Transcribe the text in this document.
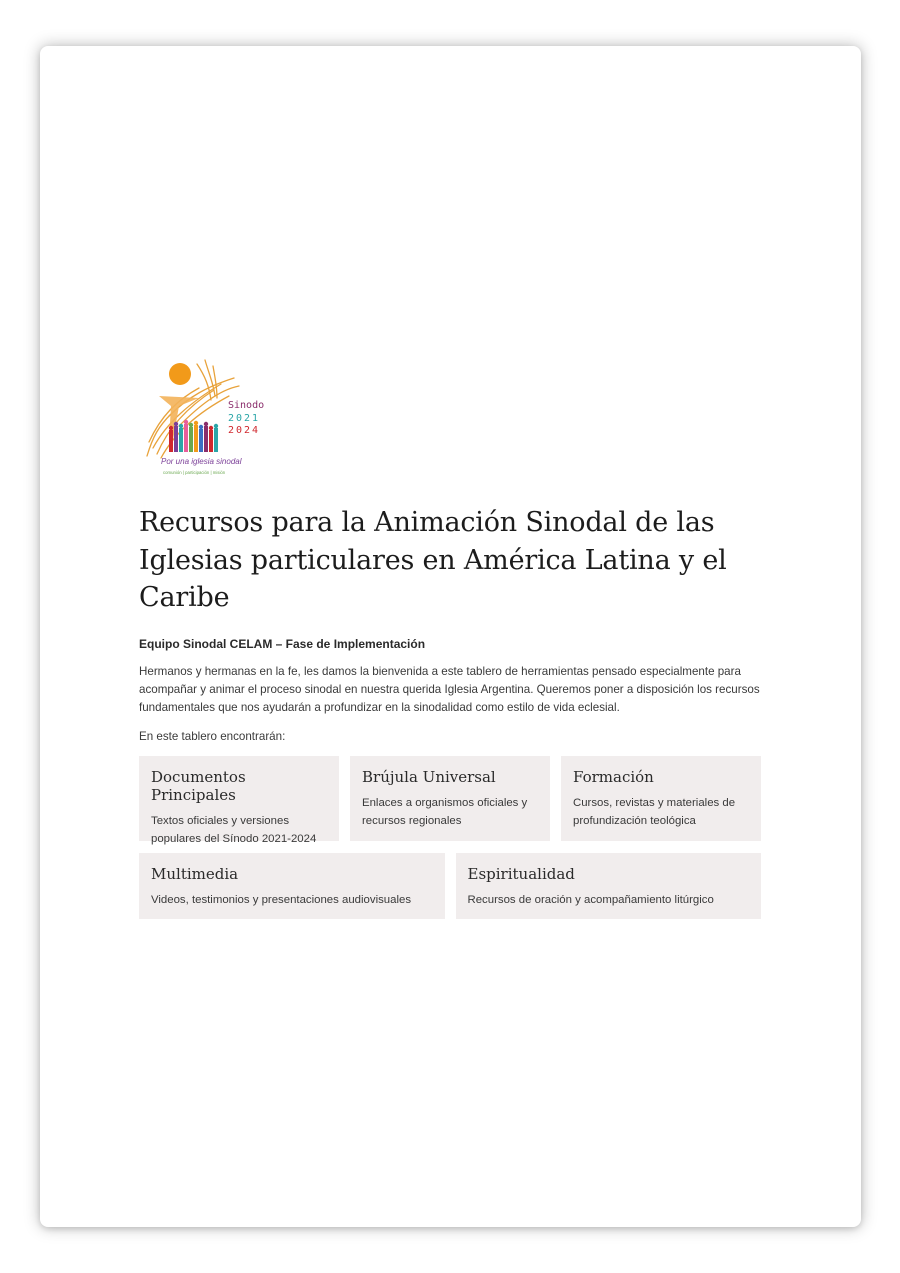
Sinodo
2021
2024
Por una iglesia sinodal
comunión | participación | misión
Recursos para la Animación Sinodal de las Iglesias particulares en América Latina y el Caribe

Equipo Sinodal CELAM – Fase de Implementación

Hermanos y hermanas en la fe, les damos la bienvenida a este tablero de herramientas pensado especialmente para acompañar y animar el proceso sinodal en nuestra querida Iglesia Argentina. Queremos poner a disposición los recursos fundamentales que nos ayudarán a profundizar en la sinodalidad como estilo de vida eclesial.

En este tablero encontrarán:

Documentos Principales

Textos oficiales y versiones populares del Sínodo 2021-2024

Brújula Universal

Enlaces a organismos oficiales y recursos regionales

Formación

Cursos, revistas y materiales de profundización teológica

Multimedia

Videos, testimonios y presentaciones audiovisuales

Espiritualidad

Recursos de oración y acompañamiento litúrgico
